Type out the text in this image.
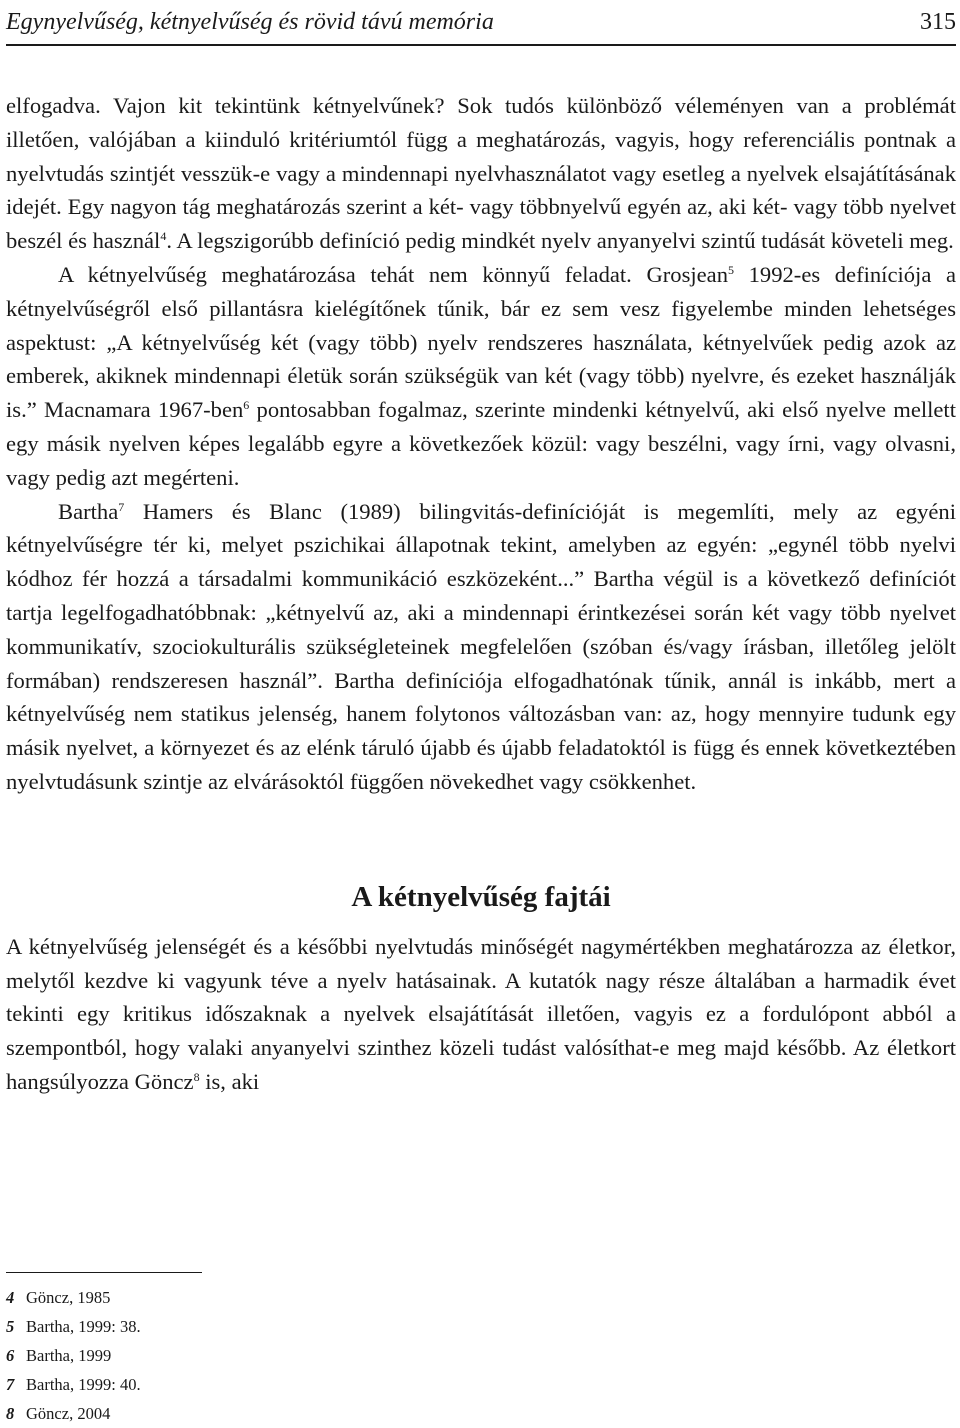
Egynyelvűség, kétnyelvűség és rövid távú memória	315

elfogadva. Vajon kit tekintünk kétnyelvűnek? Sok tudós különböző véleményen van a problémát illetően, valójában a kiinduló kritériumtól függ a meghatározás, vagyis, hogy referenciális pontnak a nyelvtudás szintjét vesszük-e vagy a mindennapi nyelvhasználatot vagy esetleg a nyelvek elsajátításának idejét. Egy nagyon tág meghatározás szerint a két- vagy többnyelvű egyén az, aki két- vagy több nyelvet beszél és használ$^4$. A legszigorúbb definíció pedig mindkét nyelv anyanyelvi szintű tudását követeli meg.

A kétnyelvűség meghatározása tehát nem könnyű feladat. Grosjean$^5$ 1992-es definíciója a kétnyelvűségről első pillantásra kielégítőnek tűnik, bár ez sem vesz figyelembe minden lehetséges aspektust: „A kétnyelvűség két (vagy több) nyelv rendszeres használata, kétnyelvűek pedig azok az emberek, akiknek mindennapi életük során szükségük van két (vagy több) nyelvre, és ezeket használják is.” Macnamara 1967-ben$^6$ pontosabban fogalmaz, szerinte mindenki kétnyelvű, aki első nyelve mellett egy másik nyelven képes legalább egyre a következőek közül: vagy beszélni, vagy írni, vagy olvasni, vagy pedig azt megérteni.

Bartha$^7$ Hamers és Blanc (1989) bilingvitás-definícióját is megemlíti, mely az egyéni kétnyelvűségre tér ki, melyet pszichikai állapotnak tekint, amelyben az egyén: „egynél több nyelvi kódhoz fér hozzá a társadalmi kommunikáció eszközeként...” Bartha végül is a következő definíciót tartja legelfogadhatóbbnak: „kétnyelvű az, aki a mindennapi érintkezései során két vagy több nyelvet kommunikatív, szociokulturális szükségleteinek megfelelően (szóban és/vagy írásban, illetőleg jelölt formában) rendszeresen használ”. Bartha definíciója elfogadhatónak tűnik, annál is inkább, mert a kétnyelvűség nem statikus jelenség, hanem folytonos változásban van: az, hogy mennyire tudunk egy másik nyelvet, a környezet és az elénk táruló újabb és újabb feladatoktól is függ és ennek következtében nyelvtudásunk szintje az elvárásoktól függően növekedhet vagy csökkenhet.

A kétnyelvűség fajtái

A kétnyelvűség jelenségét és a későbbi nyelvtudás minőségét nagymértékben meghatározza az életkor, melytől kezdve ki vagyunk téve a nyelv hatásainak. A kutatók nagy része általában a harmadik évet tekinti egy kritikus időszaknak a nyelvek elsajátítását illetően, vagyis ez a fordulópont abból a szempontból, hogy valaki anyanyelvi szinthez közeli tudást valósíthat-e meg majd később. Az életkort hangsúlyozza Göncz$^8$ is, aki

4 Göncz, 1985
5 Bartha, 1999: 38.
6 Bartha, 1999
7 Bartha, 1999: 40.
8 Göncz, 2004
